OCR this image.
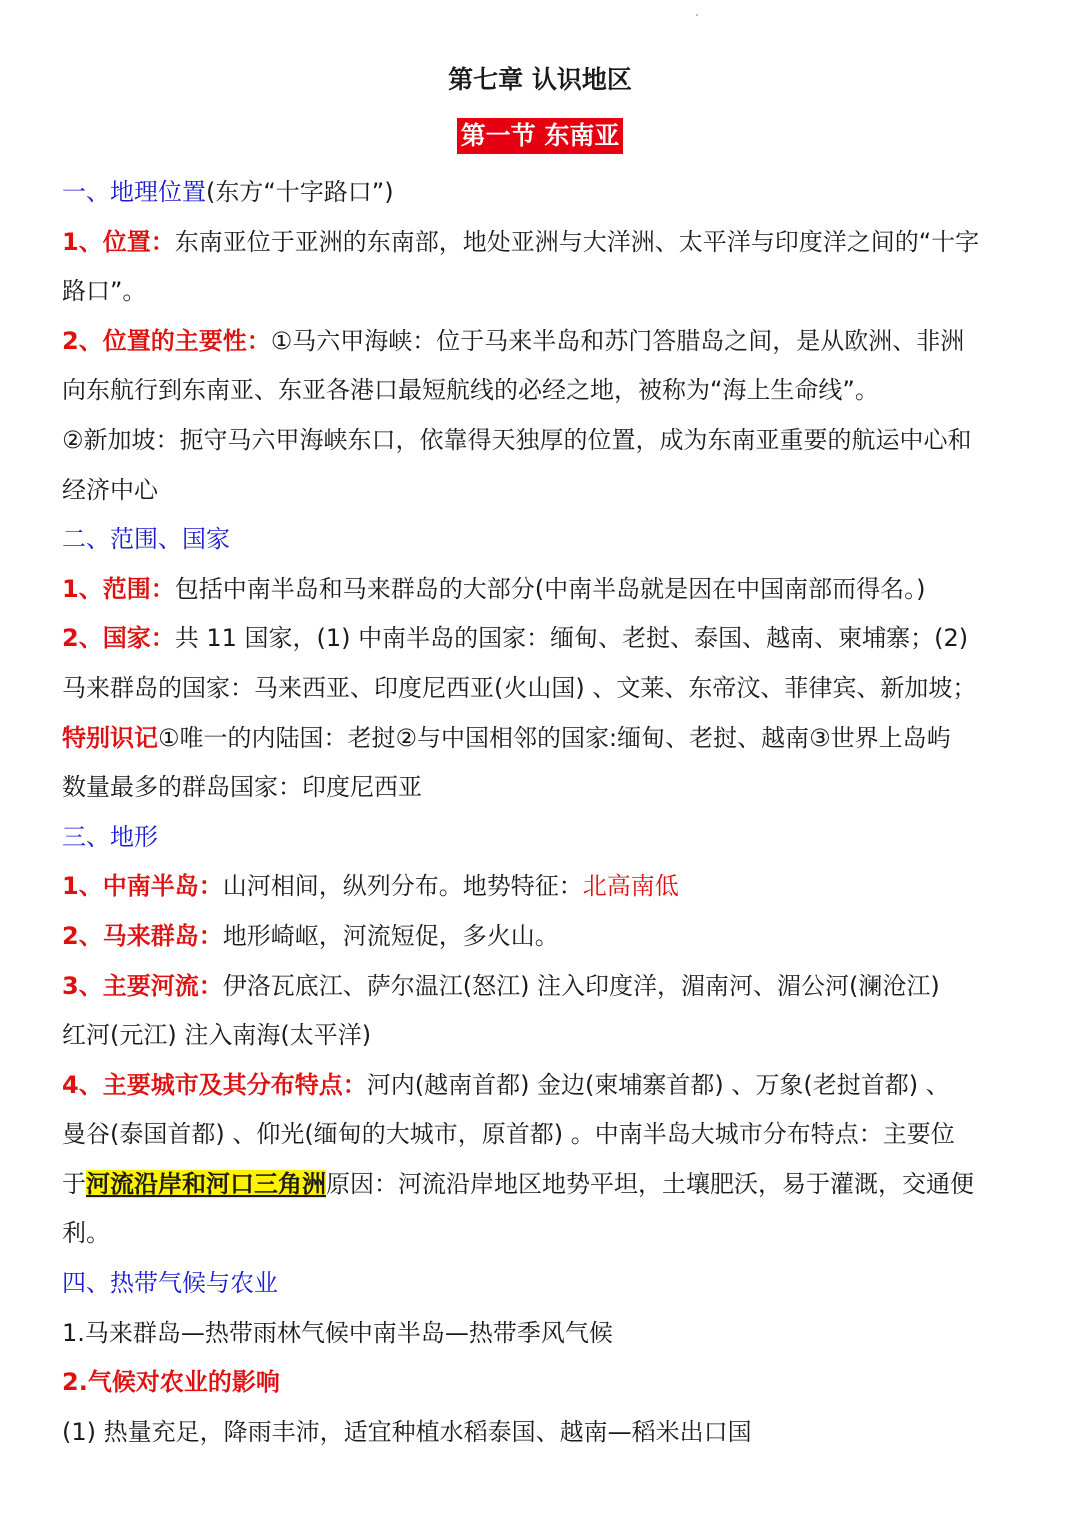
第七章 认识地区
第一节 东南亚

一、地理位置(东方“十字路口”)

1、位置：东南亚位于亚洲的东南部，地处亚洲与大洋洲、太平洋与印度洋之间的“十字

路口”。

2、位置的主要性：①马六甲海峡：位于马来半岛和苏门答腊岛之间，是从欧洲、非洲

向东航行到东南亚、东亚各港口最短航线的必经之地，被称为“海上生命线”。

②新加坡：扼守马六甲海峡东口，依靠得天独厚的位置，成为东南亚重要的航运中心和

经济中心

二、范围、国家

1、范围：包括中南半岛和马来群岛的大部分(中南半岛就是因在中国南部而得名。)

2、国家：共 11 国家，(1) 中南半岛的国家：缅甸、老挝、泰国、越南、柬埔寨；(2)

马来群岛的国家：马来西亚、印度尼西亚(火山国) 、文莱、东帝汶、菲律宾、新加坡；

特别识记①唯一的内陆国：老挝②与中国相邻的国家:缅甸、老挝、越南③世界上岛屿

数量最多的群岛国家：印度尼西亚

三、地形

1、中南半岛：山河相间，纵列分布。地势特征：北高南低

2、马来群岛：地形崎岖，河流短促，多火山。

3、主要河流：伊洛瓦底江、萨尔温江(怒江) 注入印度洋，湄南河、湄公河(澜沧江)

红河(元江) 注入南海(太平洋)

4、主要城市及其分布特点：河内(越南首都) 金边(柬埔寨首都) 、万象(老挝首都) 、

曼谷(泰国首都) 、仰光(缅甸的大城市，原首都) 。中南半岛大城市分布特点：主要位

于河流沿岸和河口三角洲原因：河流沿岸地区地势平坦，土壤肥沃，易于灌溉，交通便

利。

四、热带气候与农业

1.马来群岛—热带雨林气候中南半岛—热带季风气候

2.气候对农业的影响

(1) 热量充足，降雨丰沛，适宜种植水稻泰国、越南—稻米出口国
